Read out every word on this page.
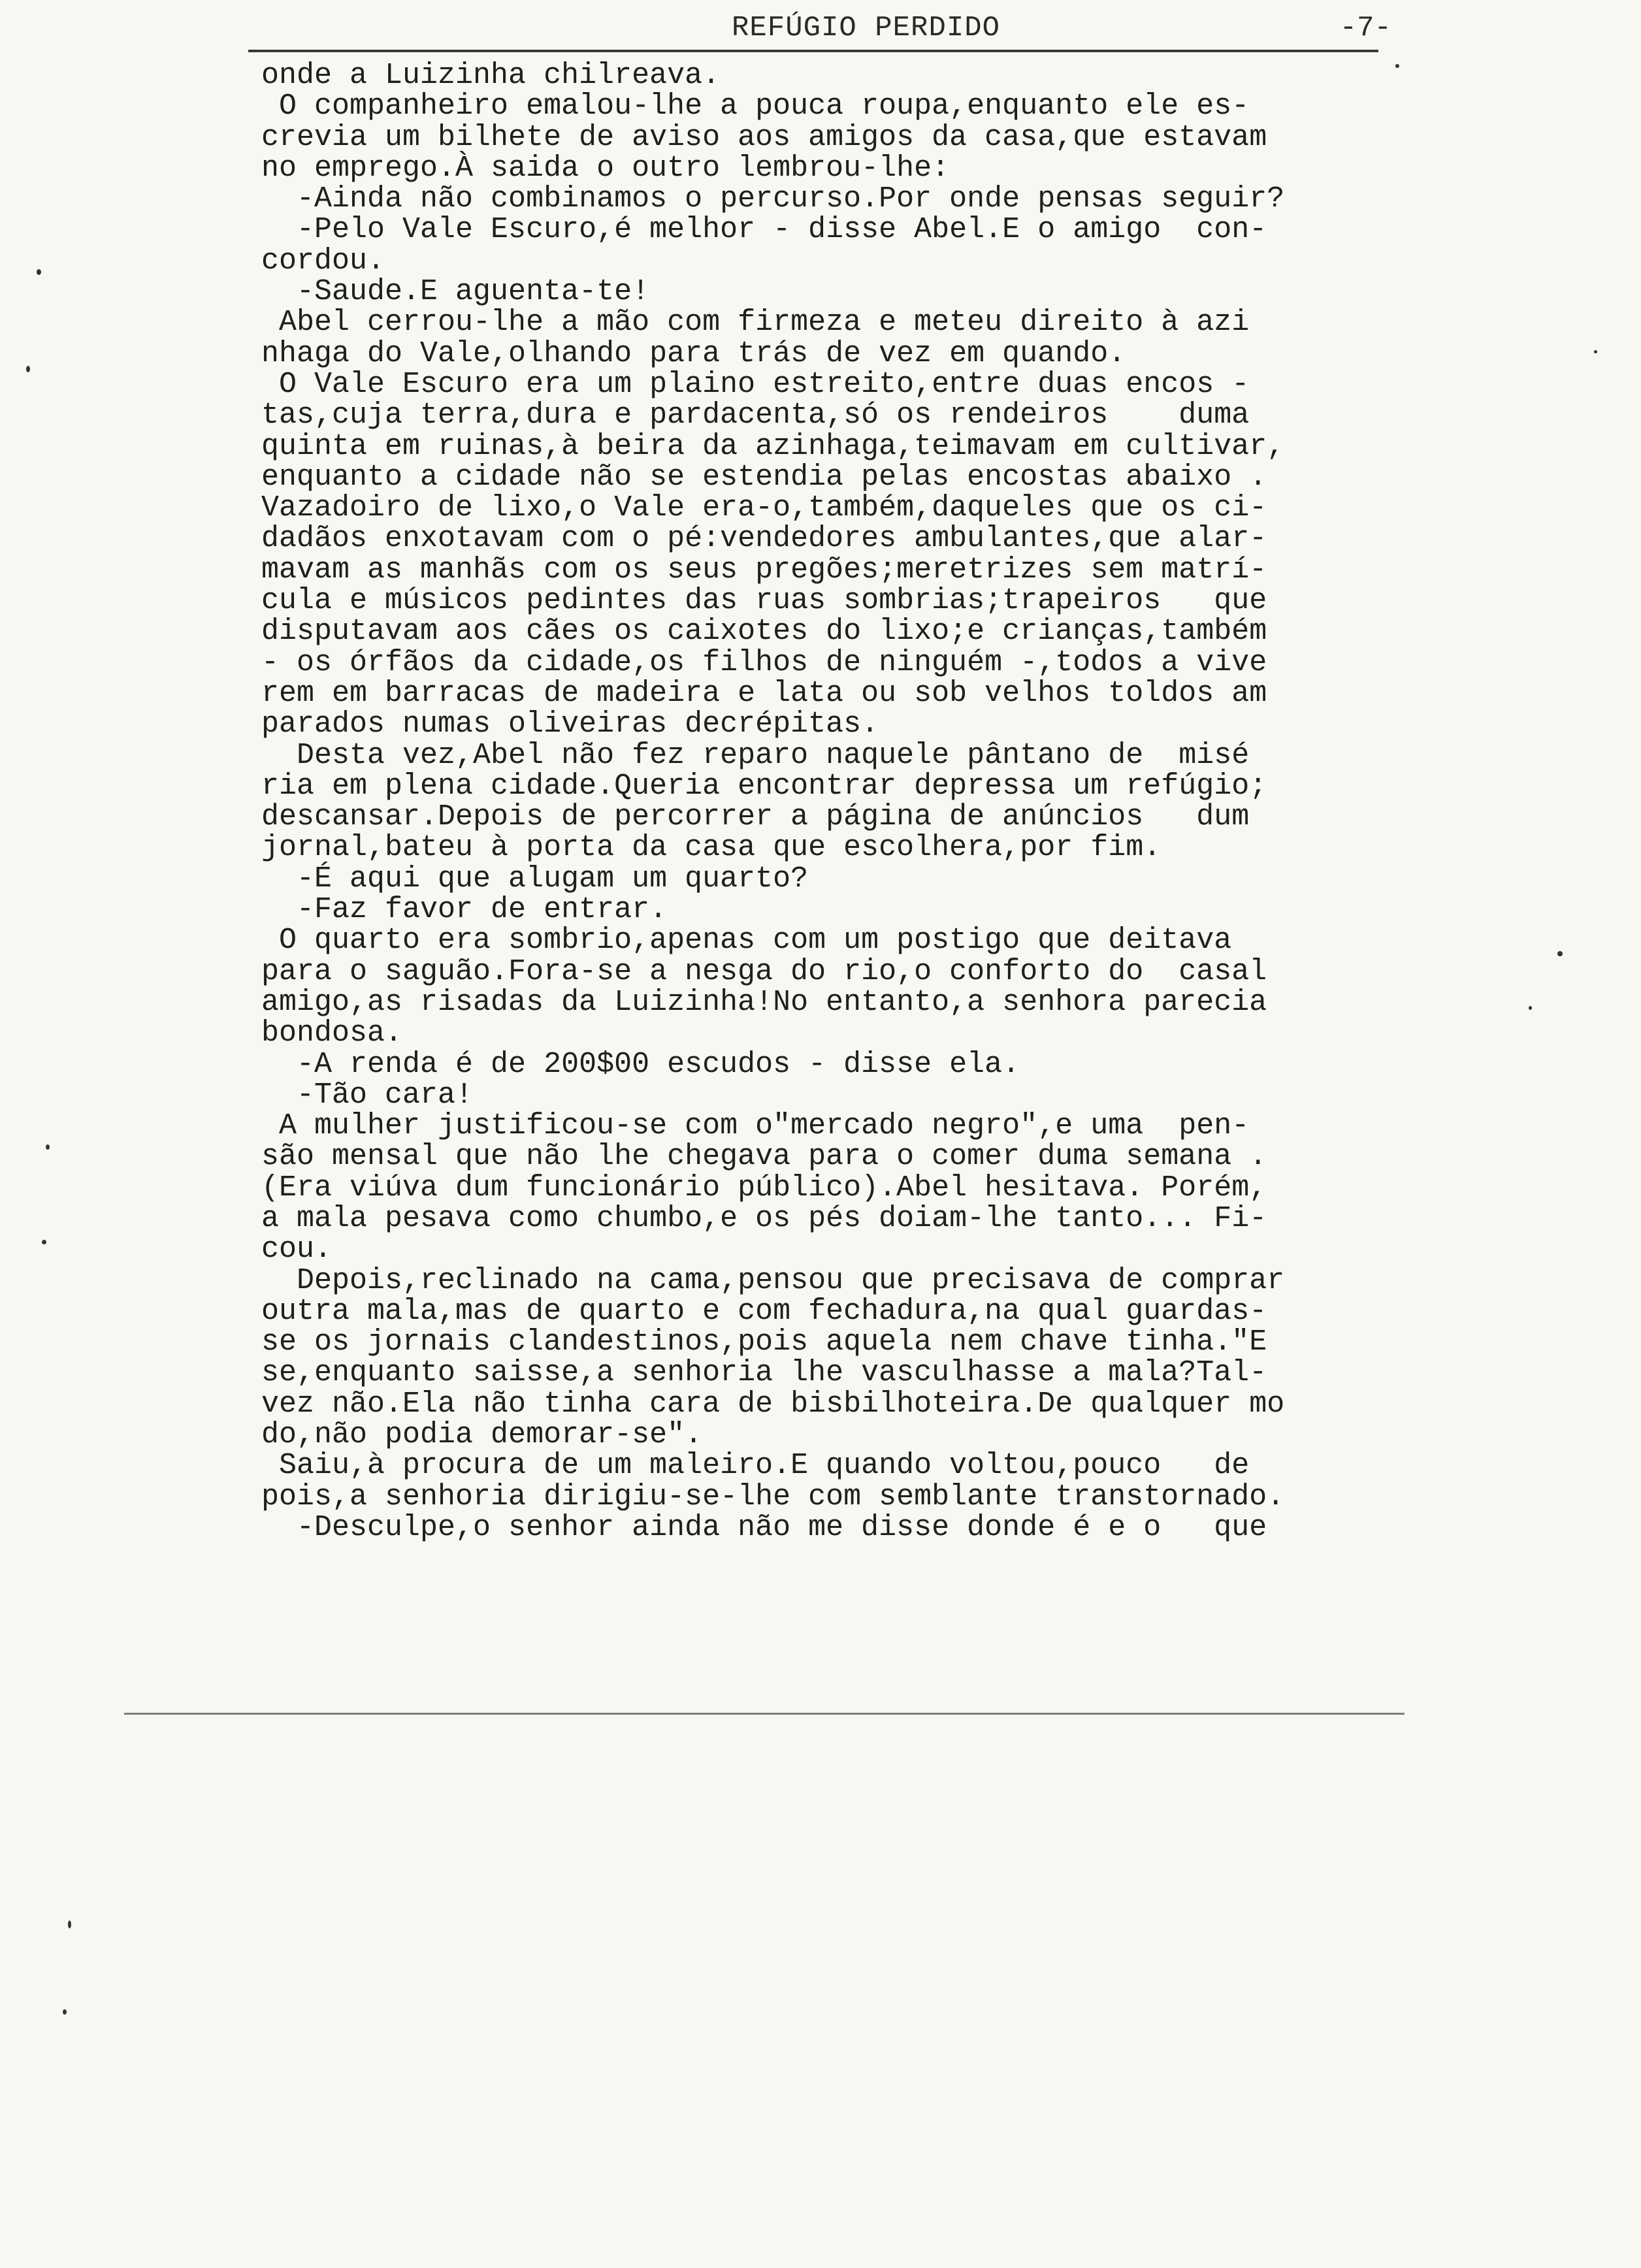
REFÚGIO PERDIDO	-7-
onde a Luizinha chilreava.
O companheiro emalou-lhe a pouca roupa,enquanto ele es-
crevia um bilhete de aviso aos amigos da casa,que estavam
no emprego.À saida o outro lembrou-lhe:
-Ainda não combinamos o percurso.Por onde pensas seguir?
-Pelo Vale Escuro,é melhor - disse Abel.E o amigo  con-
cordou.
-Saude.E aguenta-te!
Abel cerrou-lhe a mão com firmeza e meteu direito à azi
nhaga do Vale,olhando para trás de vez em quando.
O Vale Escuro era um plaino estreito,entre duas encos -
tas,cuja terra,dura e pardacenta,só os rendeiros    duma
quinta em ruinas,à beira da azinhaga,teimavam em cultivar,
enquanto a cidade não se estendia pelas encostas abaixo .
Vazadoiro de lixo,o Vale era-o,também,daqueles que os ci-
dadãos enxotavam com o pé:vendedores ambulantes,que alar-
mavam as manhãs com os seus pregões;meretrizes sem matrí-
cula e músicos pedintes das ruas sombrias;trapeiros   que
disputavam aos cães os caixotes do lixo;e crianças,também
- os órfãos da cidade,os filhos de ninguém -,todos a vive
rem em barracas de madeira e lata ou sob velhos toldos am
parados numas oliveiras decrépitas.
Desta vez,Abel não fez reparo naquele pântano de  misé
ria em plena cidade.Queria encontrar depressa um refúgio;
descansar.Depois de percorrer a página de anúncios   dum
jornal,bateu à porta da casa que escolhera,por fim.
-É aqui que alugam um quarto?
-Faz favor de entrar.
O quarto era sombrio,apenas com um postigo que deitava
para o saguão.Fora-se a nesga do rio,o conforto do  casal
amigo,as risadas da Luizinha!No entanto,a senhora parecia
bondosa.
-A renda é de 200$00 escudos - disse ela.
-Tão cara!
A mulher justificou-se com o"mercado negro",e uma  pen-
são mensal que não lhe chegava para o comer duma semana .
(Era viúva dum funcionário público).Abel hesitava. Porém,
a mala pesava como chumbo,e os pés doiam-lhe tanto... Fi-
cou.
Depois,reclinado na cama,pensou que precisava de comprar
outra mala,mas de quarto e com fechadura,na qual guardas-
se os jornais clandestinos,pois aquela nem chave tinha."E
se,enquanto saisse,a senhoria lhe vasculhasse a mala?Tal-
vez não.Ela não tinha cara de bisbilhoteira.De qualquer mo
do,não podia demorar-se".
Saiu,à procura de um maleiro.E quando voltou,pouco   de
pois,a senhoria dirigiu-se-lhe com semblante transtornado.
-Desculpe,o senhor ainda não me disse donde é e o   que
